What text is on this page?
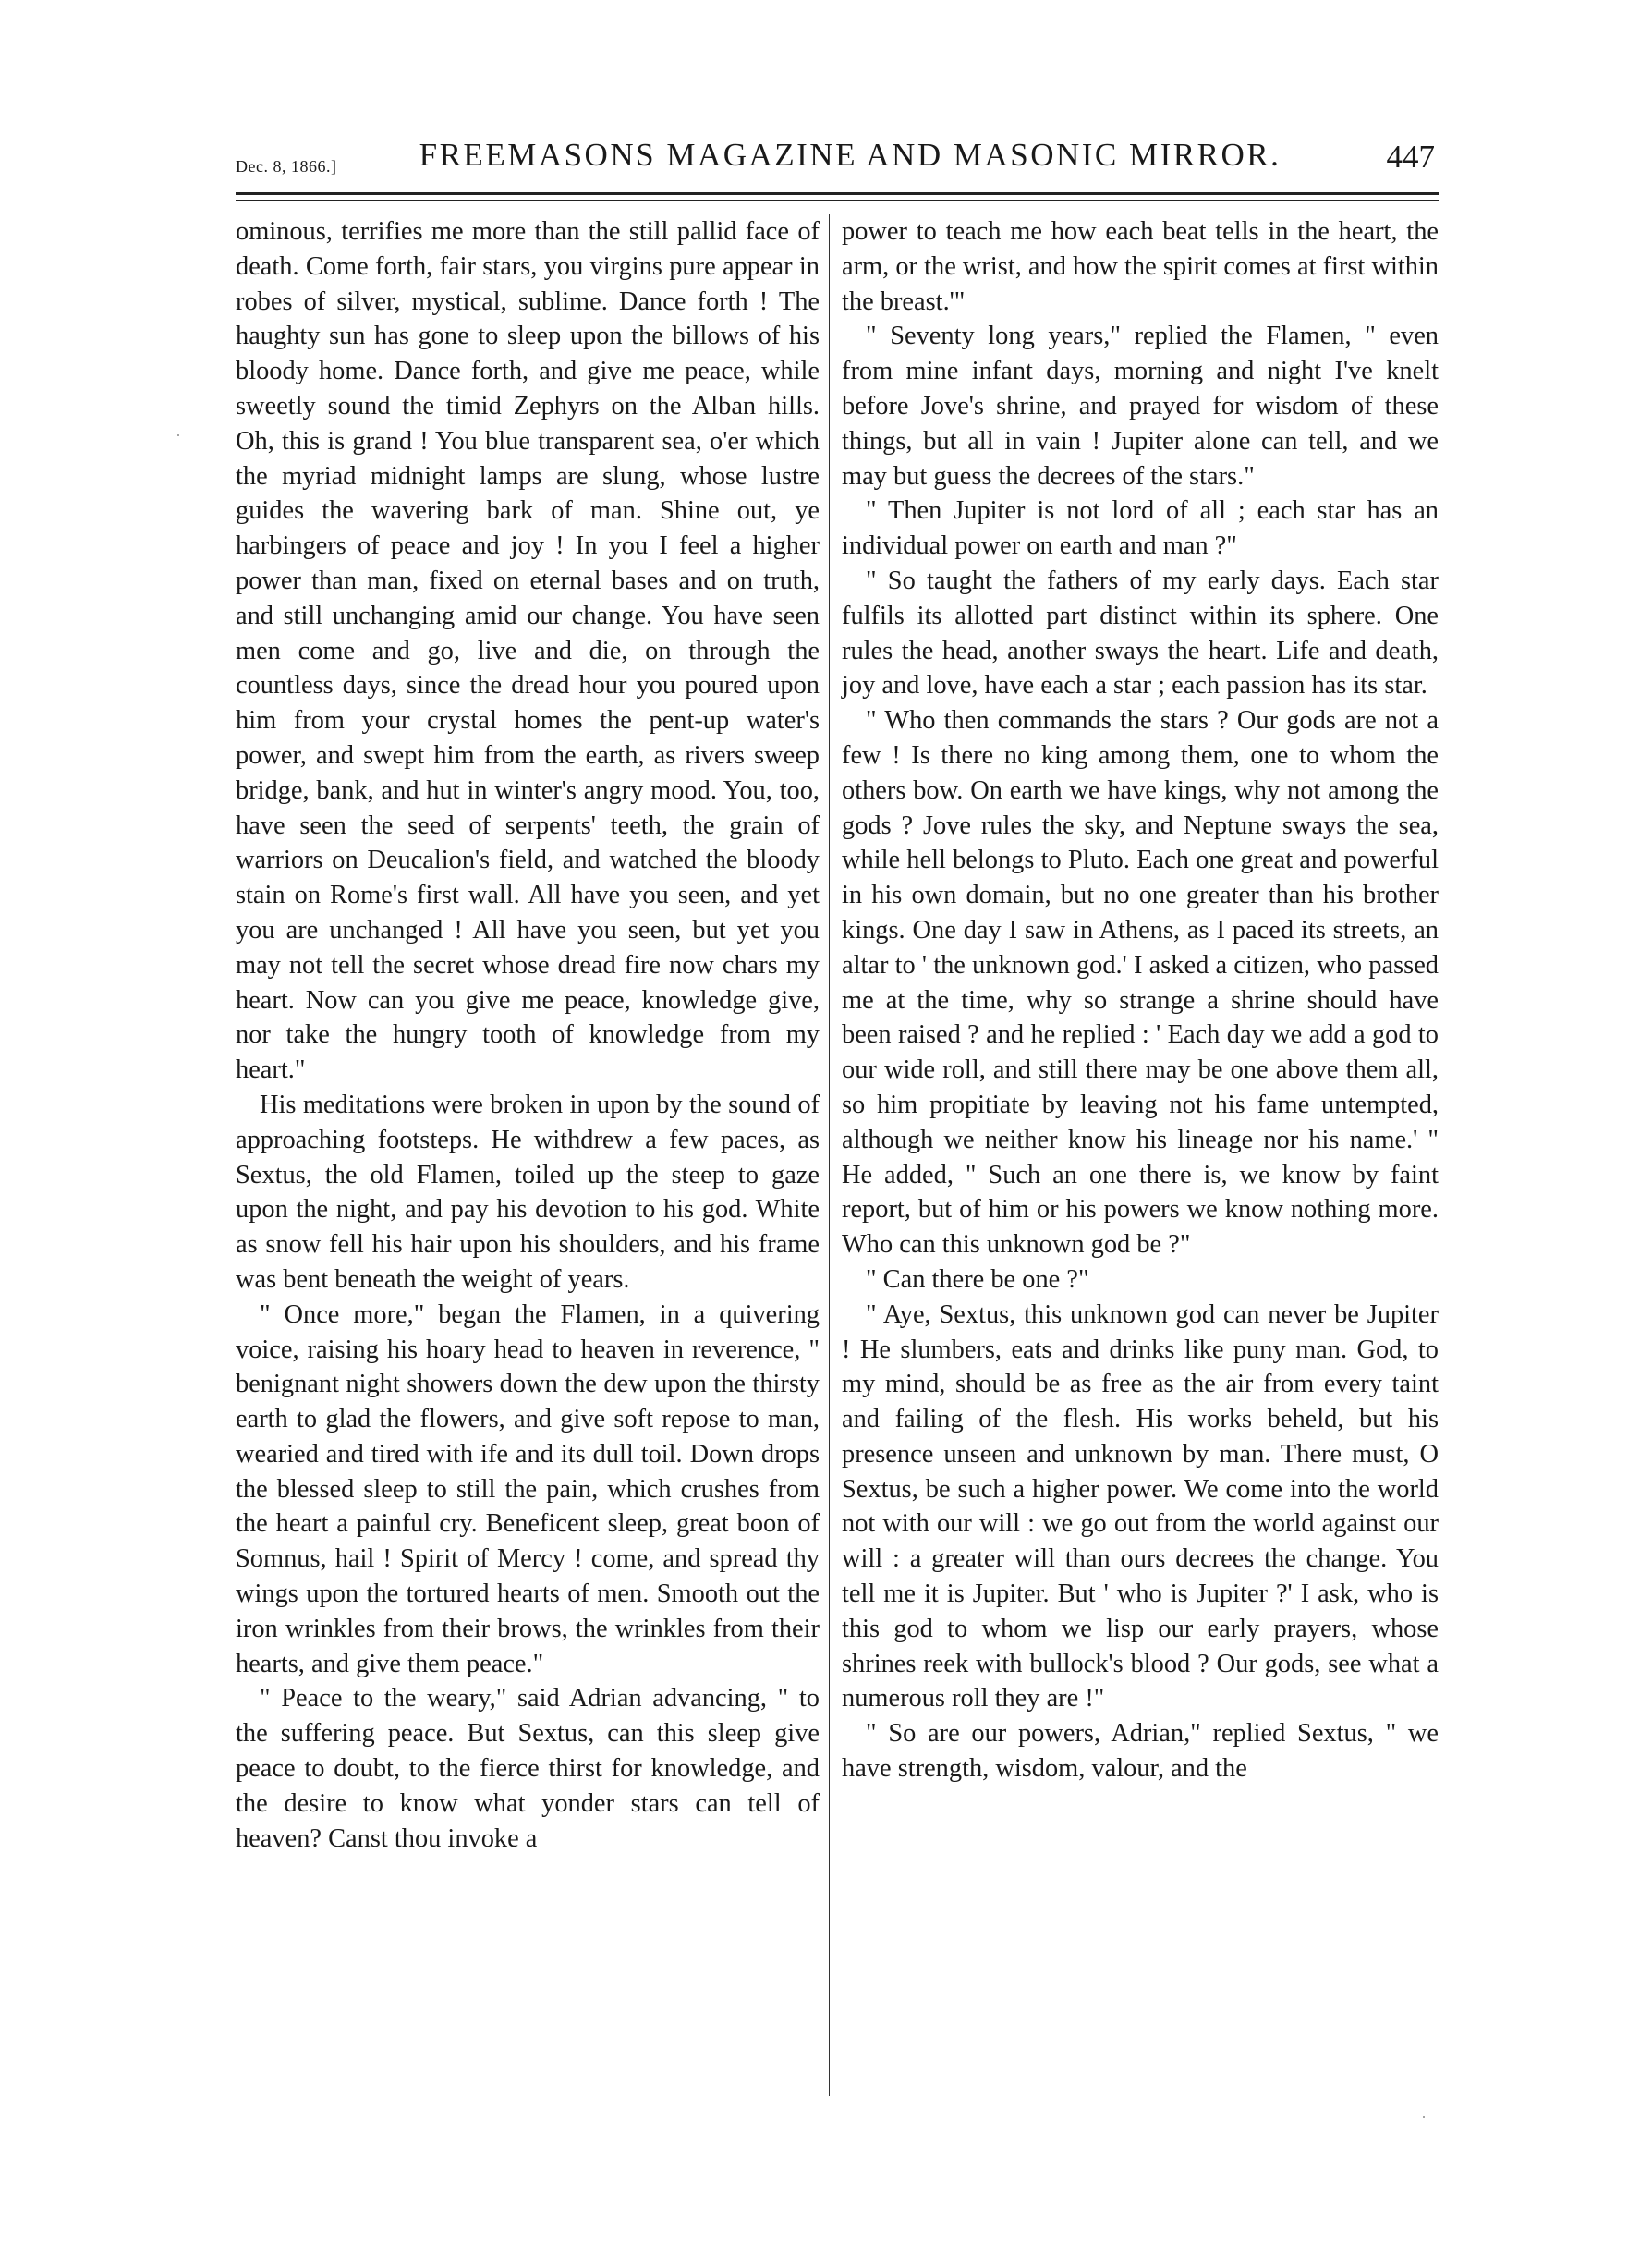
Dec. 8, 1866.]	FREEMASONS MAGAZINE AND MASONIC MIRROR.	447

ominous, terrifies me more than the still pallid face of death. Come forth, fair stars, you virgins pure appear in robes of silver, mystical, sublime. Dance forth ! The haughty sun has gone to sleep upon the billows of his bloody home. Dance forth, and give me peace, while sweetly sound the timid Zephyrs on the Alban hills. Oh, this is grand ! You blue transparent sea, o'er which the myriad midnight lamps are slung, whose lustre guides the wavering bark of man. Shine out, ye harbingers of peace and joy ! In you I feel a higher power than man, fixed on eternal bases and on truth, and still unchanging amid our change. You have seen men come and go, live and die, on through the countless days, since the dread hour you poured upon him from your crystal homes the pent-up water's power, and swept him from the earth, as rivers sweep bridge, bank, and hut in winter's angry mood. You, too, have seen the seed of serpents' teeth, the grain of warriors on Deucalion's field, and watched the bloody stain on Rome's first wall. All have you seen, and yet you are unchanged ! All have you seen, but yet you may not tell the secret whose dread fire now chars my heart. Now can you give me peace, knowledge give, nor take the hungry tooth of knowledge from my heart."

His meditations were broken in upon by the sound of approaching footsteps. He withdrew a few paces, as Sextus, the old Flamen, toiled up the steep to gaze upon the night, and pay his devotion to his god. White as snow fell his hair upon his shoulders, and his frame was bent beneath the weight of years.

" Once more," began the Flamen, in a quivering voice, raising his hoary head to heaven in reverence, " benignant night showers down the dew upon the thirsty earth to glad the flowers, and give soft repose to man, wearied and tired with ife and its dull toil. Down drops the blessed sleep to still the pain, which crushes from the heart a painful cry. Beneficent sleep, great boon of Somnus, hail ! Spirit of Mercy ! come, and spread thy wings upon the tortured hearts of men. Smooth out the iron wrinkles from their brows, the wrinkles from their hearts, and give them peace."

" Peace to the weary," said Adrian advancing, " to the suffering peace. But Sextus, can this sleep give peace to doubt, to the fierce thirst for knowledge, and the desire to know what yonder stars can tell of heaven? Canst thou invoke a

power to teach me how each beat tells in the heart, the arm, or the wrist, and how the spirit comes at first within the breast.'"

" Seventy long years," replied the Flamen, " even from mine infant days, morning and night I've knelt before Jove's shrine, and prayed for wisdom of these things, but all in vain ! Jupiter alone can tell, and we may but guess the decrees of the stars."

" Then Jupiter is not lord of all ; each star has an individual power on earth and man ?"

" So taught the fathers of my early days. Each star fulfils its allotted part distinct within its sphere. One rules the head, another sways the heart. Life and death, joy and love, have each a star ; each passion has its star.

" Who then commands the stars ? Our gods are not a few ! Is there no king among them, one to whom the others bow. On earth we have kings, why not among the gods ? Jove rules the sky, and Neptune sways the sea, while hell belongs to Pluto. Each one great and powerful in his own domain, but no one greater than his brother kings. One day I saw in Athens, as I paced its streets, an altar to ' the unknown god.' I asked a citizen, who passed me at the time, why so strange a shrine should have been raised ? and he replied : ' Each day we add a god to our wide roll, and still there may be one above them all, so him propitiate by leaving not his fame untempted, although we neither know his lineage nor his name.' " He added, " Such an one there is, we know by faint report, but of him or his powers we know nothing more. Who can this unknown god be ?"

" Can there be one ?"

" Aye, Sextus, this unknown god can never be Jupiter ! He slumbers, eats and drinks like puny man. God, to my mind, should be as free as the air from every taint and failing of the flesh. His works beheld, but his presence unseen and unknown by man. There must, O Sextus, be such a higher power. We come into the world not with our will : we go out from the world against our will : a greater will than ours decrees the change. You tell me it is Jupiter. But ' who is Jupiter ?' I ask, who is this god to whom we lisp our early prayers, whose shrines reek with bullock's blood ? Our gods, see what a numerous roll they are !"

" So are our powers, Adrian," replied Sextus, " we have strength, wisdom, valour, and the
